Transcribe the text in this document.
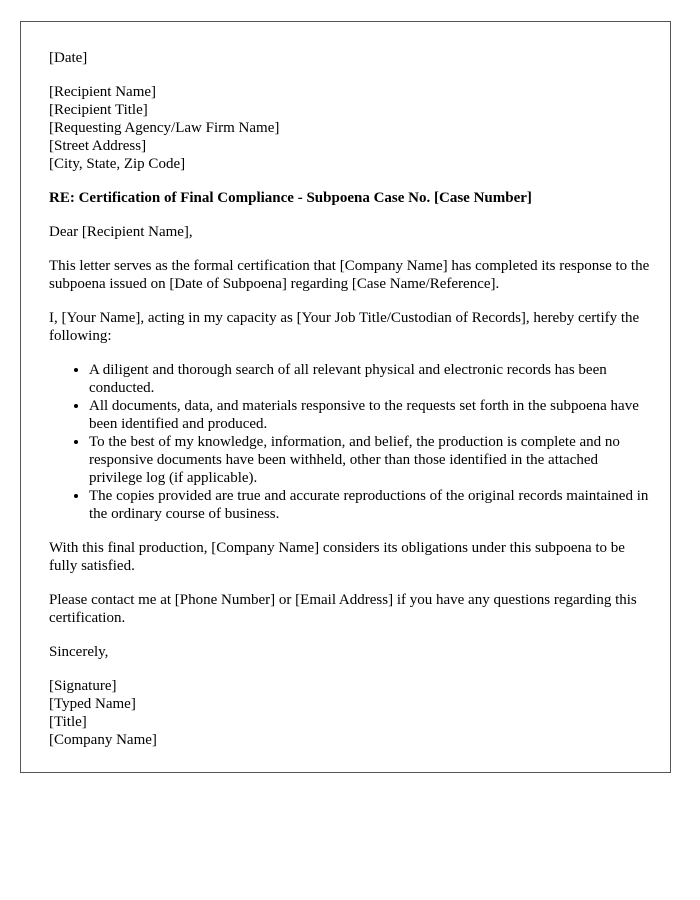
[Date]
[Recipient Name]
[Recipient Title]
[Requesting Agency/Law Firm Name]
[Street Address]
[City, State, Zip Code]

RE: Certification of Final Compliance - Subpoena Case No. [Case Number]

Dear [Recipient Name],

This letter serves as the formal certification that [Company Name] has completed its response to the subpoena issued on [Date of Subpoena] regarding [Case Name/Reference].

I, [Your Name], acting in my capacity as [Your Job Title/Custodian of Records], hereby certify the following:

• A diligent and thorough search of all relevant physical and electronic records has been conducted.
• All documents, data, and materials responsive to the requests set forth in the subpoena have been identified and produced.
• To the best of my knowledge, information, and belief, the production is complete and no responsive documents have been withheld, other than those identified in the attached privilege log (if applicable).
• The copies provided are true and accurate reproductions of the original records maintained in the ordinary course of business.

With this final production, [Company Name] considers its obligations under this subpoena to be fully satisfied.

Please contact me at [Phone Number] or [Email Address] if you have any questions regarding this certification.

Sincerely,

[Signature]
[Typed Name]
[Title]
[Company Name]
